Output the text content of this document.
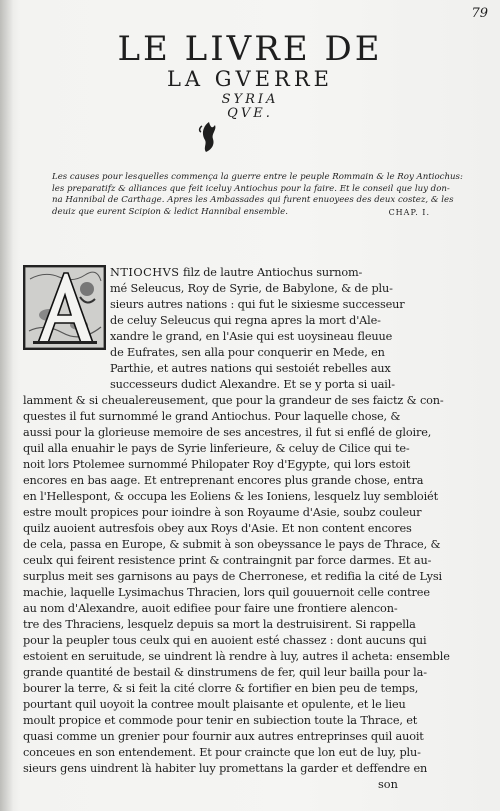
79
LE LIVRE DE
LA GVERRE
SYRIA
QVE.
Les causes pour lesquelles commença la guerre entre le peuple Rommain & le Roy Antiochus:
les preparatifz & alliances que feit iceluy Antiochus pour la faire. Et le conseil que luy don-
na Hannibal de Carthage. Apres les Ambassades qui furent enuoyees des deux costez, & les
deuiz que eurent Scipion & ledict Hannibal ensemble.	CHAP. I.
NTIOCHVS filz de lautre Antiochus surnom-
mé Seleucus, Roy de Syrie, de Babylone, & de plu-
sieurs autres nations : qui fut le sixiesme successeur
de celuy Seleucus qui regna apres la mort d'Ale-
xandre le grand, en l'Asie qui est uoysineau fleuue
de Eufrates, sen alla pour conquerir en Mede, en
Parthie, et autres nations qui sestoiét rebelles aux
successeurs dudict Alexandre. Et se y porta si uail-
lamment & si cheualereusement, que pour la grandeur de ses faictz & con-
questes il fut surnommé le grand Antiochus. Pour laquelle chose, &
aussi pour la glorieuse memoire de ses ancestres, il fut si enflé de gloire,
quil alla enuahir le pays de Syrie linferieure, & celuy de Cilice qui te-
noit lors Ptolemee surnommé Philopater Roy d'Egypte, qui lors estoit
encores en bas aage. Et entreprenant encores plus grande chose, entra
en l'Hellespont, & occupa les Eoliens & les Ioniens, lesquelz luy sembloiét
estre moult propices pour ioindre à son Royaume d'Asie, soubz couleur
quilz auoient autresfois obey aux Roys d'Asie. Et non content encores
de cela, passa en Europe, & submit à son obeyssance le pays de Thrace, &
ceulx qui feirent resistence print & contraingnit par force darmes. Et au-
surplus meit ses garnisons au pays de Cherronese, et redifia la cité de Lysi
machie, laquelle Lysimachus Thracien, lors quil gouuernoit celle contree
au nom d'Alexandre, auoit edifiee pour faire une frontiere alencon-
tre des Thraciens, lesquelz depuis sa mort la destruisirent. Si rappella
pour la peupler tous ceulx qui en auoient esté chassez : dont aucuns qui
estoient en seruitude, se uindrent là rendre à luy, autres il acheta: ensemble
grande quantité de bestail & dinstrumens de fer, quil leur bailla pour la-
bourer la terre, & si feit la cité clorre & fortifier en bien peu de temps,
pourtant quil uoyoit la contree moult plaisante et opulente, et le lieu
moult propice et commode pour tenir en subiection toute la Thrace, et
quasi comme un grenier pour fournir aux autres entreprinses quil auoit
conceues en son entendement. Et pour craincte que lon eut de luy, plu-
sieurs gens uindrent là habiter luy promettans la garder et deffendre en
son
